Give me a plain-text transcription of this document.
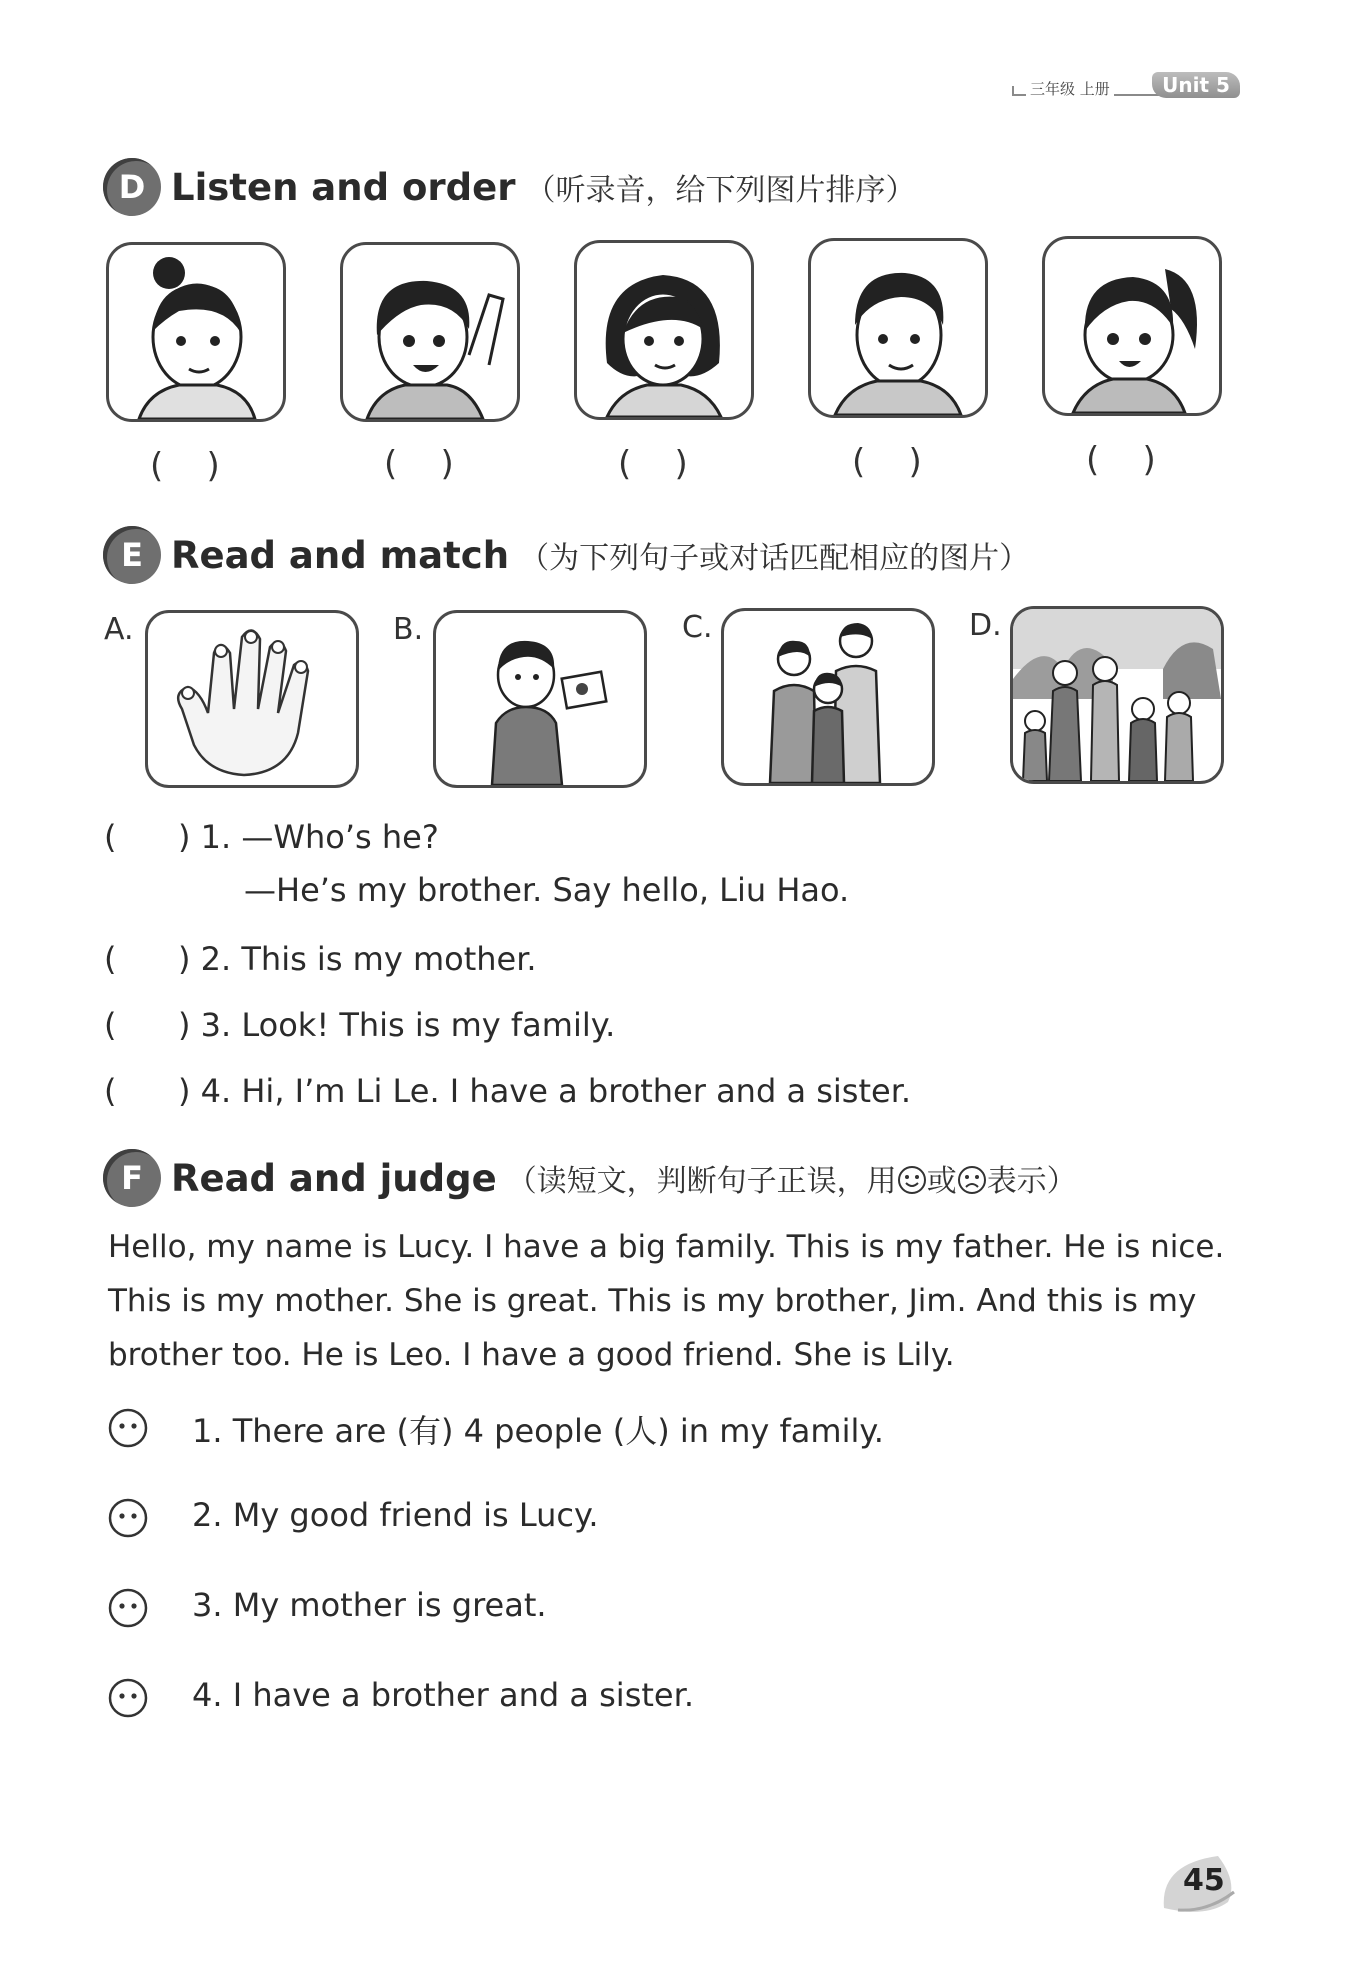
三年级 上册	Unit 5
D Listen and order （听录音，给下列图片排序）
(    )	(    )	(    )	(    )	(    )
E Read and match （为下列句子或对话匹配相应的图片）
A.	B.	C.	D.
( ) 1. —Who’s he?
—He’s my brother. Say hello, Liu Hao.
( ) 2. This is my mother.
( ) 3. Look! This is my family.
( ) 4. Hi, I’m Li Le. I have a brother and a sister.
F Read and judge （读短文，判断句子正误，用 或 表示）
Hello, my name is Lucy. I have a big family. This is my father. He is nice.
This is my mother. She is great. This is my brother, Jim. And this is my
brother too. He is Leo. I have a good friend. She is Lily.
1. There are (有) 4 people (人) in my family.
2. My good friend is Lucy.
3. My mother is great.
4. I have a brother and a sister.
45
